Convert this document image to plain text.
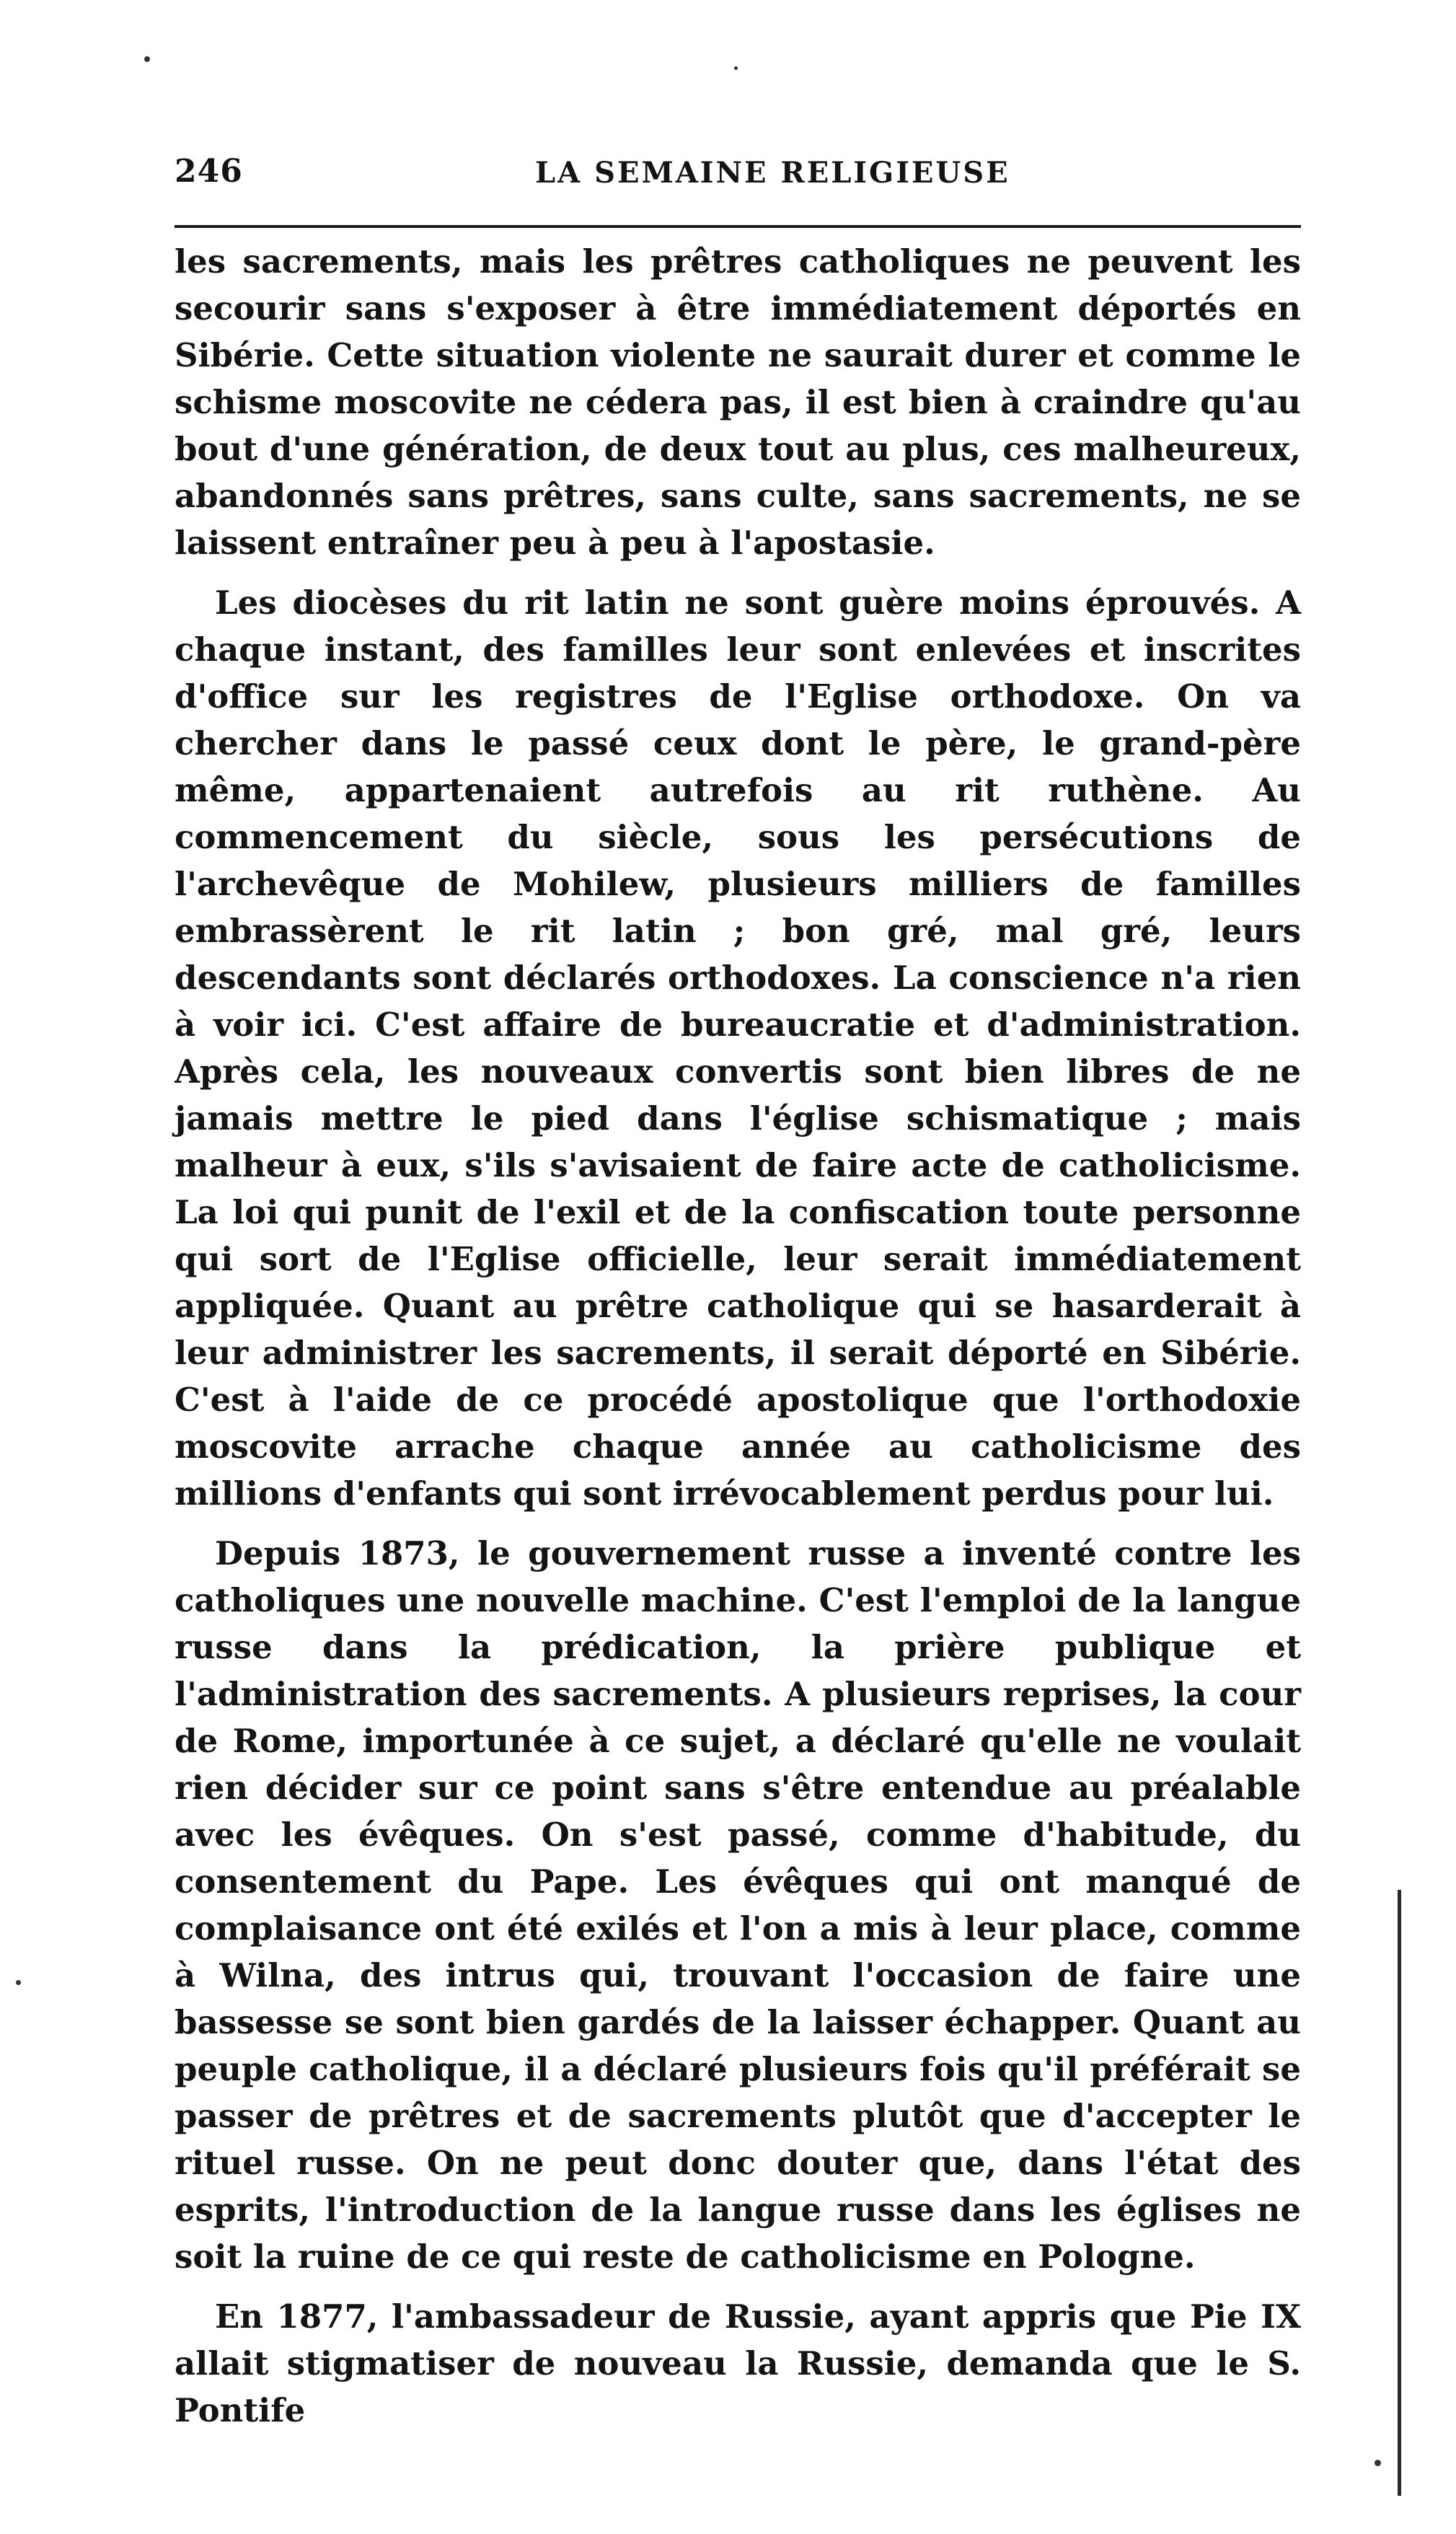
246	LA SEMAINE RELIGIEUSE

les sacrements, mais les prêtres catholiques ne peuvent les secourir sans s'exposer à être immédiatement déportés en Sibérie. Cette situation violente ne saurait durer et comme le schisme moscovite ne cédera pas, il est bien à craindre qu'au bout d'une génération, de deux tout au plus, ces malheureux, abandonnés sans prêtres, sans culte, sans sacrements, ne se laissent entraîner peu à peu à l'apostasie.

Les diocèses du rit latin ne sont guère moins éprouvés. A chaque instant, des familles leur sont enlevées et inscrites d'office sur les registres de l'Eglise orthodoxe. On va chercher dans le passé ceux dont le père, le grand-père même, appartenaient autrefois au rit ruthène. Au commencement du siècle, sous les persécutions de l'archevêque de Mohilew, plusieurs milliers de familles embrassèrent le rit latin ; bon gré, mal gré, leurs descendants sont déclarés orthodoxes. La conscience n'a rien à voir ici. C'est affaire de bureaucratie et d'administration. Après cela, les nouveaux convertis sont bien libres de ne jamais mettre le pied dans l'église schismatique ; mais malheur à eux, s'ils s'avisaient de faire acte de catholicisme. La loi qui punit de l'exil et de la confiscation toute personne qui sort de l'Eglise officielle, leur serait immédiatement appliquée. Quant au prêtre catholique qui se hasarderait à leur administrer les sacrements, il serait déporté en Sibérie. C'est à l'aide de ce procédé apostolique que l'orthodoxie moscovite arrache chaque année au catholicisme des millions d'enfants qui sont irrévocablement perdus pour lui.

Depuis 1873, le gouvernement russe a inventé contre les catholiques une nouvelle machine. C'est l'emploi de la langue russe dans la prédication, la prière publique et l'administration des sacrements. A plusieurs reprises, la cour de Rome, importunée à ce sujet, a déclaré qu'elle ne voulait rien décider sur ce point sans s'être entendue au préalable avec les évêques. On s'est passé, comme d'habitude, du consentement du Pape. Les évêques qui ont manqué de complaisance ont été exilés et l'on a mis à leur place, comme à Wilna, des intrus qui, trouvant l'occasion de faire une bassesse se sont bien gardés de la laisser échapper. Quant au peuple catholique, il a déclaré plusieurs fois qu'il préférait se passer de prêtres et de sacrements plutôt que d'accepter le rituel russe. On ne peut donc douter que, dans l'état des esprits, l'introduction de la langue russe dans les églises ne soit la ruine de ce qui reste de catholicisme en Pologne.

En 1877, l'ambassadeur de Russie, ayant appris que Pie IX allait stigmatiser de nouveau la Russie, demanda que le S. Pontife
